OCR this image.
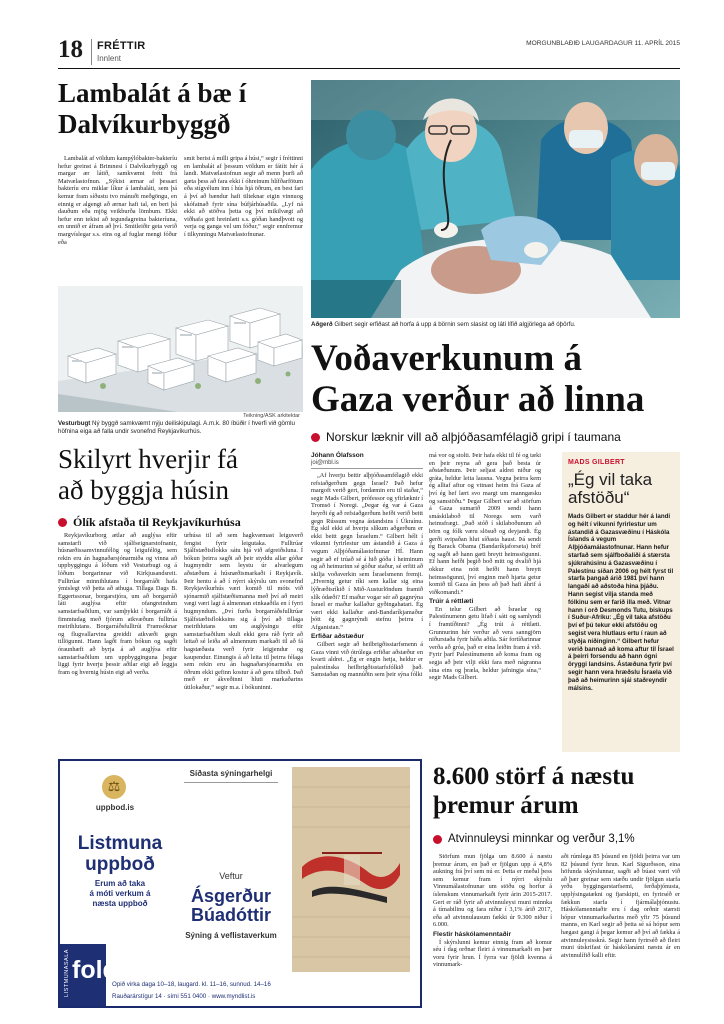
18 FRÉTTIR
Innlent
MORGUNBLAÐIÐ LAUGARDAGUR 11. APRÍL 2015
Lambalát á bæ í
Dalvíkurbyggð

Lambalát af völdum kampýlóbakter-bakteríu hefur greinst á Brimnesi í Dalvíkurbyggð og margar ær látið, samkvæmt frétt frá Matvælastofnun. „Sýkist ærnar af þessari bakteríu eru miklar líkur á lambaláti, sem þá kemur fram síðustu tvo mánuði meðgöngu, en einnig er algengt að ærnar hafi tal, en beri þá dauðum eða mjög veikburða lömbum. Ekki hefur enn tekist að tegundagreina bakteríuna, en unnið er áfram að því. Smitleiðir geta verið margvíslegar s.s. eins og af fuglar mengi fóður eða

smit berist á milli gripa á húsi,“ segir í fréttinni en lambalát af þessum völdum er fátítt hér á landi. Matvælastofnun segir að menn þurfi að gæta þess að fara ekki í óhreinum hlífðarfötum eða stígvélum inn í hús hjá öðrum, en best fari á því að bændur hafi tilteknar eigin vinnuog skófatnað fyrir sína búfjárhúsaðila. „Lyf ná ekki að stöðva þetta og því mikilvægt að viðhafa gott hreinlæti s.s. góðan handþvott og verja og ganga vel um fóður,“ segir ennfremur í tilkynningu Matvælastofnunar.

Teikning/ASK arkitektar
Vesturbugt Ný byggð samkvæmt nýju deiliskipulagi. A.m.k. 80 íbúðir í hverfi við gömlu höfnina eiga að falla undir svonefnd Reykjavíkurhús.
Skilyrt hverjir fá
að byggja húsin
Ólík afstaða til Reykjavíkurhúsa

Reykjavíkurborg ætlar að auglýsa eftir samstarfi við sjálfseignarstofnanir, húsnæðissamvinnufélög og leigufélög, sem rekin eru án hagnaðarsjónarmiða og vinna að uppbyggingu á lóðum við Vesturbugt og á lóðum borgarinnar við Kirkjusandsreit. Fulltrúar minnihlutans í borgarráði hafa ýmislegt við þetta að athuga. Tillaga Dags B. Eggertssonar, borgarstjóra, um að borgarráð láti auglýsa eftir ofangreindum samstarfsaðilum, var samþykkt í borgarráði á fimmtudag með fjórum atkvæðum fulltrúa meirihlutans. Borgarráðsfulltrúi Framsóknar og flugvallarvina greiddi atkvæði gegn tillögunni. Hann lagði fram bókun og sagði óraunhæft að byrja á að auglýsa eftir samstarfsaðilum um uppbygginguna þegar liggi fyrir hverju þessir aðilar eigi að leggja fram og hvernig húsin eigi að verða.

urhúsa til að sem hagkvæmast leiguverð fengist fyrir leigutaka. Fulltrúar Sjálfstæðisflokks sátu hjá við afgreiðsluna. Í bókun þeirra sagði að þeir styddu allar góðar hugmyndir sem leystu úr alvarlegum aðstæðum á húsnæðismarkaði í Reykjavík. Þeir bentu á að í nýrri skýrslu um svonefnd Reykjavíkurhús væri komið til móts við sjónarmið sjálfstæðismanna með því að meiri vægi væri lagt á almennan einkaaðila en í fyrri hugmyndum. „Því furða borgarráðsfulltrúar Sjálfstæðisflokksins sig á því að tillaga meirihlutans um auglýsingu eftir samstarfsaðilum skuli ekki gera ráð fyrir að leitað sé leiða að almennum markaði til að fá hagstæðasta verð fyrir leigjendur og kaupendur. Einungis á að leita til þeirra félaga sem rekin eru án hagnaðarsjónarmiða en öðrum ekki gefinn kostur á að gera tilboð. Það með er ákveðinni hluti markaðarins útilokaður,“ segir m.a. í bókuninni.

Aðgerð Gilbert segir erfiðast að horfa á upp á börnin sem slasist og láti lífið algjörlega að óþörfu.
Voðaverkunum á
Gaza verður að linna
Norskur læknir vill að alþjóðasamfélagið gripi í taumana
Jóhann Ólafsson
joi@mbl.is

„Af hverju beitir alþjóðasamfélagið ekki refsiaðgerðum gegn Ísrael? Það hefur margoft verið gert, fordæmin eru til staðar,“ segir Mads Gilbert, prófessor og yfirlæknir í Tromsö í Noregi. „Þegar ég var á Gaza heyrði ég að refsiaðgerðum hefði verið beitt gegn Rússum vegna ástandsins í Úkraínu. Ég skil ekki af hverju slíkum aðgerðum er ekki beitt gegn Ísraelum.“ Gilbert hélt í vikunni fyrirlestur um ástandið á Gaza á vegum Alþjóðamálastofnunar HÍ. Hann segir að ef trúað sé á hið góða í heiminum og að heimurinn sé góður staður, sé erfitt að skilja voðaverkin sem Ísraelsmenn fremji. „Hvernig getur ríki sem kallar sig eina lýðræðisríkið í Mið-Austurlöndum framið slík ódæði? Ef maður vogar sér að gagnrýna Ísrael er maður kallaður gyðingahatari. Ég væri ekki kallaður and-Bandaríkjamaður þótt ég gagnrýndi stefnu þeirra í Afganistan.“

Erfiðar aðstæður

Gilbert segir að heilbrigðisstarfsmenn á Gaza vinni við ótrúlega erfiðar aðstæður en kvarti aldrei. „Ég er engin hetja, heldur er palestínska heilbrigðisstarfsfólkið það. Samstaðan og mannúðin sem þeir sýna fólki

má vor og stolti. Þeir hafa ekki til fé og tæki en þeir reyna að gera það besta úr aðstæðunum. Þeir seljast aldrei niður og gráta, heldur leita lausna. Vegna þeirra kem ég alltaf aftur og vitnast heim frá Gaza af því ég hef lært svo margt um manngæsku og samstöðu.“ Þegar Gilbert var að störfum á Gaza sumarið 2009 sendi hann smáskilaboð til Noregs sem varð heimsfrægt. „Það stóð í skilaboðunum að börn og fólk væru slösuð og deyjandi. Ég gerði svipaðan hlut síðasta haust. Þá sendi ég Barack Obama (Bandaríkjaforseta) bréf og sagði að hann gæti breytt heimssögunni. Ef hann hefði þegið boð mitt og dvalið hjá okkur eina nótt hefði hann breytt heimssögunni, því enginn með hjarta getur komið til Gaza án þess að það hafi áhrif á viðkomandi.“

Trúir á réttlæti

En telur Gilbert að Ísraelar og Palestínumenn getu lifað í sátt og samlyndi í framtíðinni? „Ég trúi á réttlæti. Grunnurinn hér verður að vera sanngjörn niðurstaða fyrir báða aðila. Sár fortíðarinnar verða að gróa, það er eina leiðin fram á við. Fyrir þarf Palestínumenn að koma fram og segja að þeir vilji ekki fara með nágranna sína eins og þræla, heldur jafningja sína,“ segir Mads Gilbert.

MADS GILBERT
„Ég vil taka afstöðu“
Mads Gilbert er staddur hér á landi og hélt í vikunni fyrirlestur um ástandið á Gazasvæðinu í Háskóla Íslands á vegum Alþjóðamálastofnunar. Hann hefur starfað sem sjálfboðaliði á stærsta sjúkrahúsinu á Gazasvæðinu í Palestínu síðan 2006 og hélt fyrst til starfa þangað árið 1981 því hann langaði að aðstoða hina þjáðu. Hann segist vilja standa með fólkinu sem er farið illa með. Vitnar hann í orð Desmonds Tutu, biskups í Suður-Afríku: „Ég vil taka afstöðu því ef þú tekur ekki afstöðu og segist vera hlutlaus ertu í raun að styðja níðinginn.“ Gilbert hefur verið bannað að koma aftur til Ísrael á þeirri forsendu að hann ógni öryggi landsins. Ástæðuna fyrir því segir hann vera hræðslu Ísraela við það að heimurinn sjái staðreyndir málsins.
⚖
uppbod.is
Listmuna
uppboð
Erum að taka
á móti verkum á
næsta uppboð
LISTMUNASALA fold
Opið virka daga 10–18, laugard. kl. 11–16, sunnud. 14–16
Rauðarárstígur 14 · sími 551 0400 · www.myndlist.is
Síðasta sýningarhelgi
Veftur
Ásgerður
Búadóttir
Sýning á veflistaverkum
8.600 störf á næstu
þremur árum
Atvinnuleysi minnkar og verður 3,1%

Störfum mun fjölga um 8.600 á næstu þremur árum, en það er fjölgun upp á 4,8% aukning frá því sem nú er. Þetta er meðal þess sem kemur fram í nýrri skýrslu Vinnumálastofnunar um stöðu og horfur á íslenskum vinnumarkaði fyrir árin 2015-2017. Gert er ráð fyrir að atvinnuleysi muni minnka á tímabilinu og fara niður í 3,1% árið 2017, eða að atvinnulausum fækki úr 9.300 niður í 6.000.

Flestir háskólamenntaðir

Í skýrslunni kemur einnig fram að komur séu í dag orðnar fleiri á vinnumarkaði en þær voru fyrir hrun. Í fyrra var fjöldi kvenna á vinnumark-

aði rúmlega 85 þúsund en fjöldi þeirra var um 82 þúsund fyrir hrun. Karl Sigurðsson, eina höfunda skýrslunnar, sagði að búast væri við að þær greinar sem stæðu undir fjölgun starfa yrðu byggingarstarfsemi, ferðaþjónusta, upplýsingatækni og fjarskipti, en fyrirséð er fækkun starfa í fjármálaþjónustu. Háskólamenntaðir eru í dag orðnir stærsti hópur vinnumarkaðarins með yfir 75 þúsund manns, en Karl segir að þetta sé sá hópur sem hægast gangi á þegar kemur að því að fækka á atvinnuleysisskrá. Segir hann fyrirséð að fleiri muni útskrifast úr háskólanámi næstu ár en atvinnulífið kalli eftir.
